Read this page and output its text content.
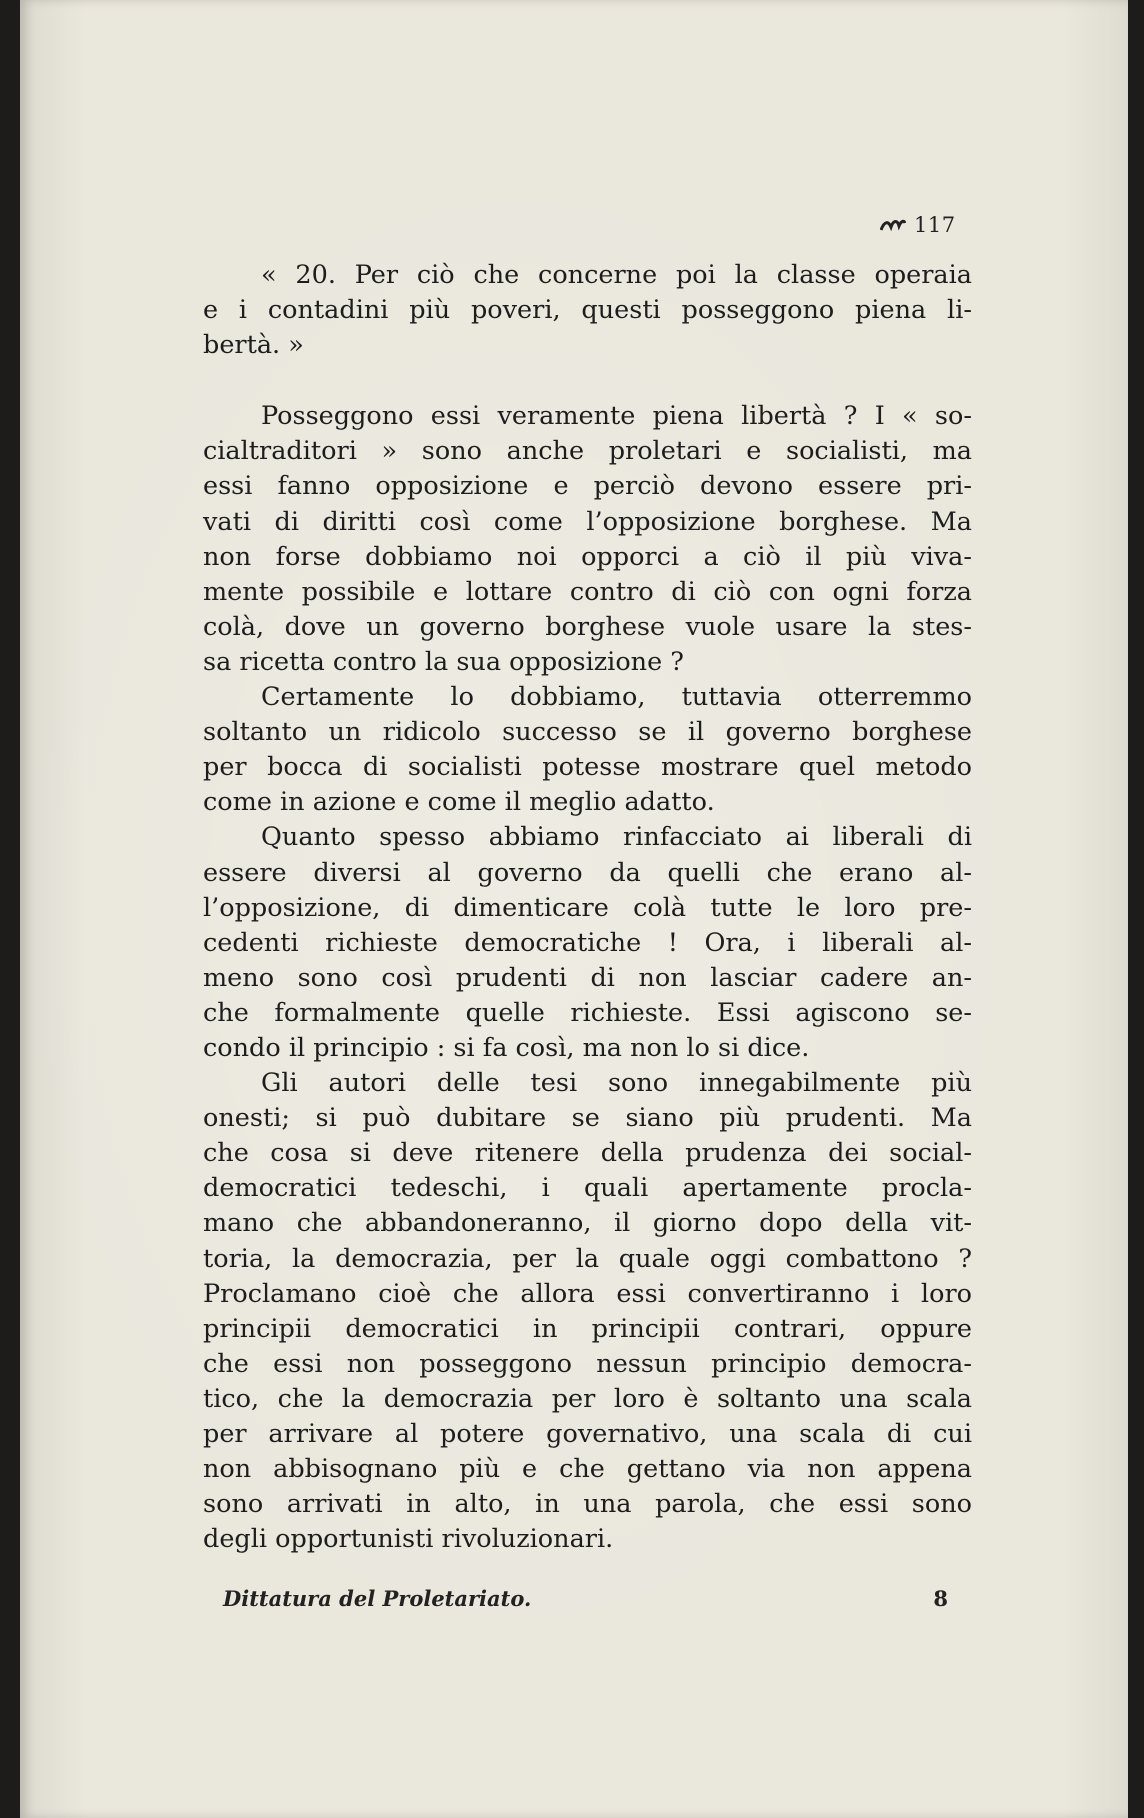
117
« 20. Per ciò che concerne poi la classe operaia
e i contadini più poveri, questi posseggono piena li-
bertà. »
Posseggono essi veramente piena libertà ? I « so-
cialtraditori » sono anche proletari e socialisti, ma
essi fanno opposizione e perciò devono essere pri-
vati di diritti così come l’opposizione borghese. Ma
non forse dobbiamo noi opporci a ciò il più viva-
mente possibile e lottare contro di ciò con ogni forza
colà, dove un governo borghese vuole usare la stes-
sa ricetta contro la sua opposizione ?
Certamente lo dobbiamo, tuttavia otterremmo
soltanto un ridicolo successo se il governo borghese
per bocca di socialisti potesse mostrare quel metodo
come in azione e come il meglio adatto.
Quanto spesso abbiamo rinfacciato ai liberali di
essere diversi al governo da quelli che erano al-
l’opposizione, di dimenticare colà tutte le loro pre-
cedenti richieste democratiche ! Ora, i liberali al-
meno sono così prudenti di non lasciar cadere an-
che formalmente quelle richieste. Essi agiscono se-
condo il principio : si fa così, ma non lo si dice.
Gli autori delle tesi sono innegabilmente più
onesti; si può dubitare se siano più prudenti. Ma
che cosa si deve ritenere della prudenza dei social-
democratici tedeschi, i quali apertamente procla-
mano che abbandoneranno, il giorno dopo della vit-
toria, la democrazia, per la quale oggi combattono ?
Proclamano cioè che allora essi convertiranno i loro
principii democratici in principii contrari, oppure
che essi non posseggono nessun principio democra-
tico, che la democrazia per loro è soltanto una scala
per arrivare al potere governativo, una scala di cui
non abbisognano più e che gettano via non appena
sono arrivati in alto, in una parola, che essi sono
degli opportunisti rivoluzionari.
Dittatura del Proletariato.	8
